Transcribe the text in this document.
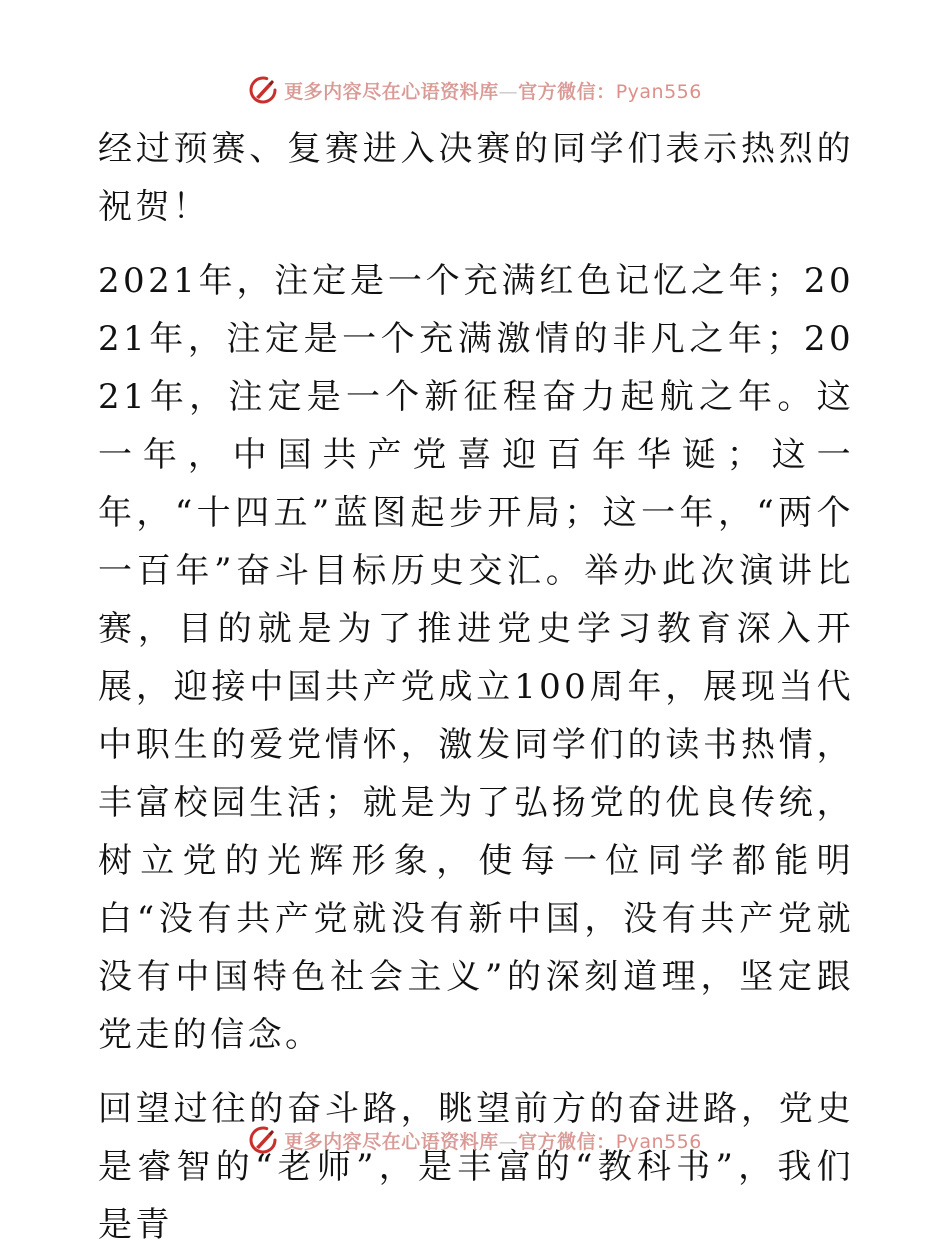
更多内容尽在心语资料库—官方微信：Pyan556

经过预赛、复赛进入决赛的同学们表示热烈的祝贺！

2021年，注定是一个充满红色记忆之年；2021年，注定是一个充满激情的非凡之年；2021年，注定是一个新征程奋力起航之年。这一年，中国共产党喜迎百年华诞；这一年，“十四五”蓝图起步开局；这一年，“两个一百年”奋斗目标历史交汇。举办此次演讲比赛，目的就是为了推进党史学习教育深入开展，迎接中国共产党成立100周年，展现当代中职生的爱党情怀，激发同学们的读书热情，丰富校园生活；就是为了弘扬党的优良传统，树立党的光辉形象，使每一位同学都能明白“没有共产党就没有新中国，没有共产党就没有中国特色社会主义”的深刻道理，坚定跟党走的信念。

回望过往的奋斗路，眺望前方的奋进路，党史是睿智的“老师”，是丰富的“教科书”，我们是青

更多内容尽在心语资料库—官方微信：Pyan556
